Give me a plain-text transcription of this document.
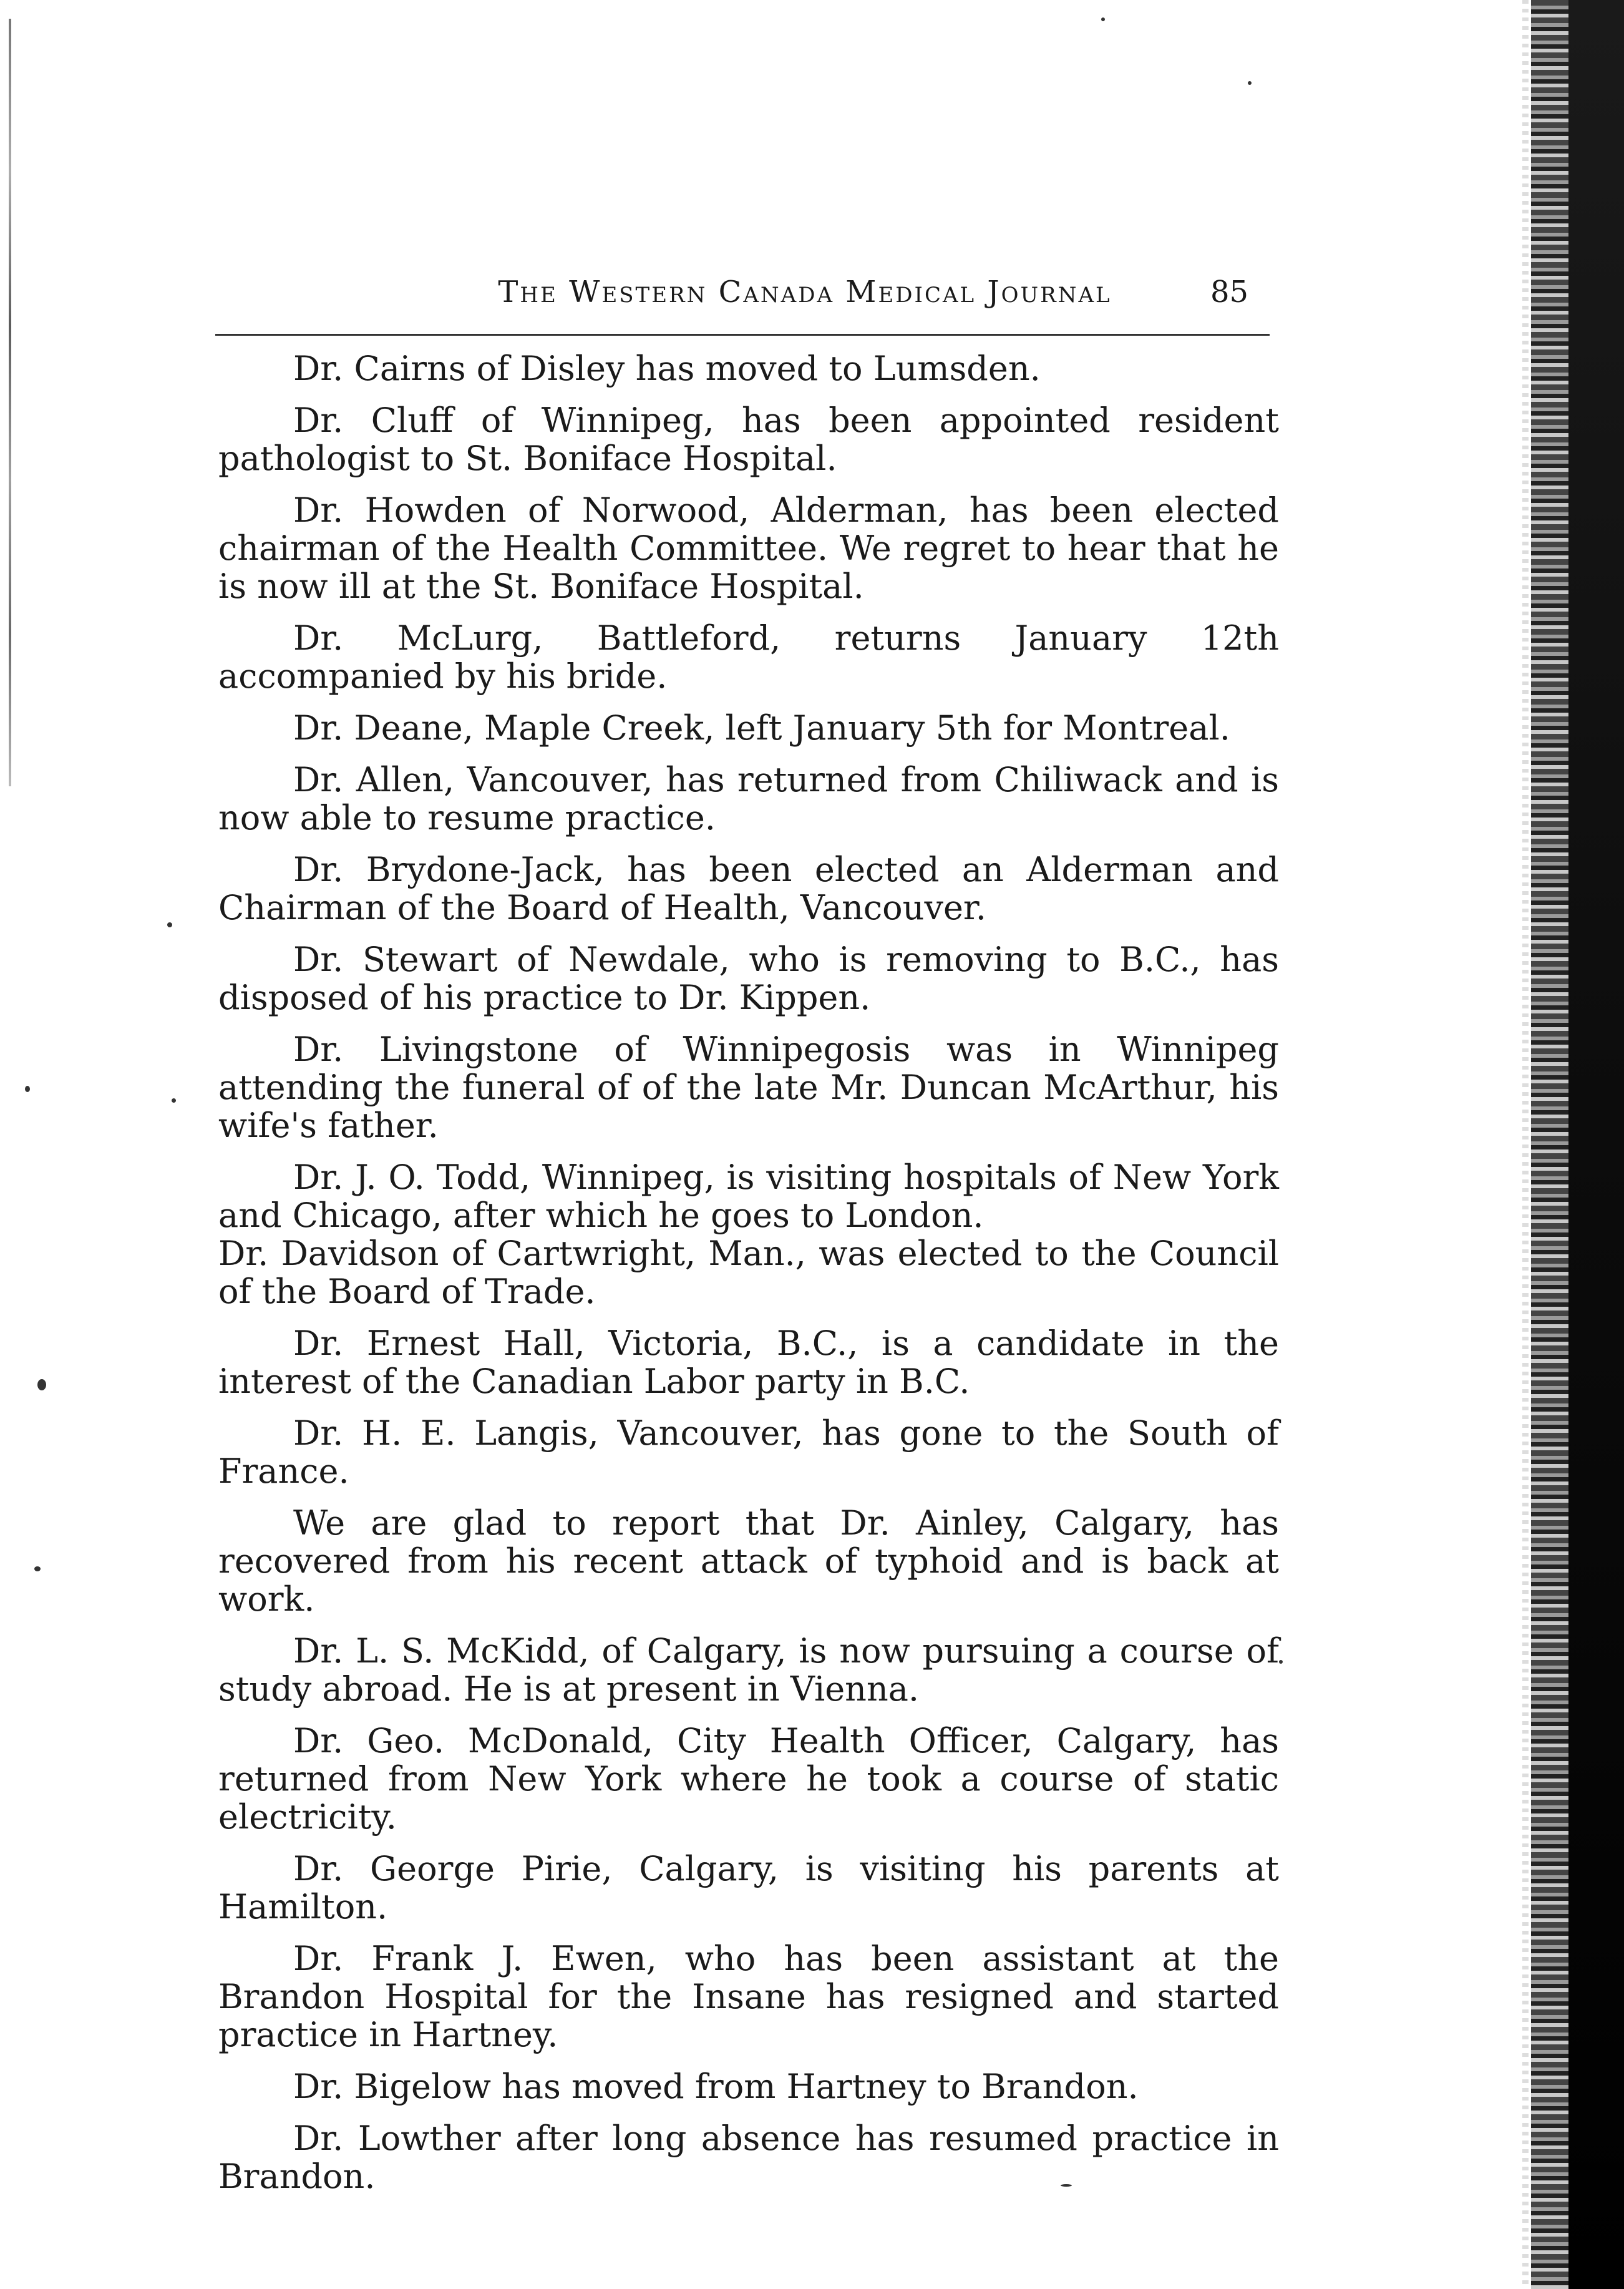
The Western Canada Medical Journal	85

Dr. Cairns of Disley has moved to Lumsden.

Dr. Cluff of Winnipeg, has been appointed resident pathologist to St. Boniface Hospital.

Dr. Howden of Norwood, Alderman, has been elected chairman of the Health Committee. We regret to hear that he is now ill at the St. Boniface Hospital.

Dr. McLurg, Battleford, returns January 12th accompanied by his bride.

Dr. Deane, Maple Creek, left January 5th for Montreal.

Dr. Allen, Vancouver, has returned from Chiliwack and is now able to resume practice.

Dr. Brydone-Jack, has been elected an Alderman and Chairman of the Board of Health, Vancouver.

Dr. Stewart of Newdale, who is removing to B.C., has disposed of his practice to Dr. Kippen.

Dr. Livingstone of Winnipegosis was in Winnipeg attending the funeral of of the late Mr. Duncan McArthur, his wife's father.

Dr. J. O. Todd, Winnipeg, is visiting hospitals of New York and Chicago, after which he goes to London.

Dr. Davidson of Cartwright, Man., was elected to the Council of the Board of Trade.

Dr. Ernest Hall, Victoria, B.C., is a candidate in the interest of the Canadian Labor party in B.C.

Dr. H. E. Langis, Vancouver, has gone to the South of France.

We are glad to report that Dr. Ainley, Calgary, has recovered from his recent attack of typhoid and is back at work.

Dr. L. S. McKidd, of Calgary, is now pursuing a course of study abroad. He is at present in Vienna.

Dr. Geo. McDonald, City Health Officer, Calgary, has returned from New York where he took a course of static electricity.

Dr. George Pirie, Calgary, is visiting his parents at Hamilton.

Dr. Frank J. Ewen, who has been assistant at the Brandon Hospital for the Insane has resigned and started practice in Hartney.

Dr. Bigelow has moved from Hartney to Brandon.

Dr. Lowther after long absence has resumed practice in Brandon.
